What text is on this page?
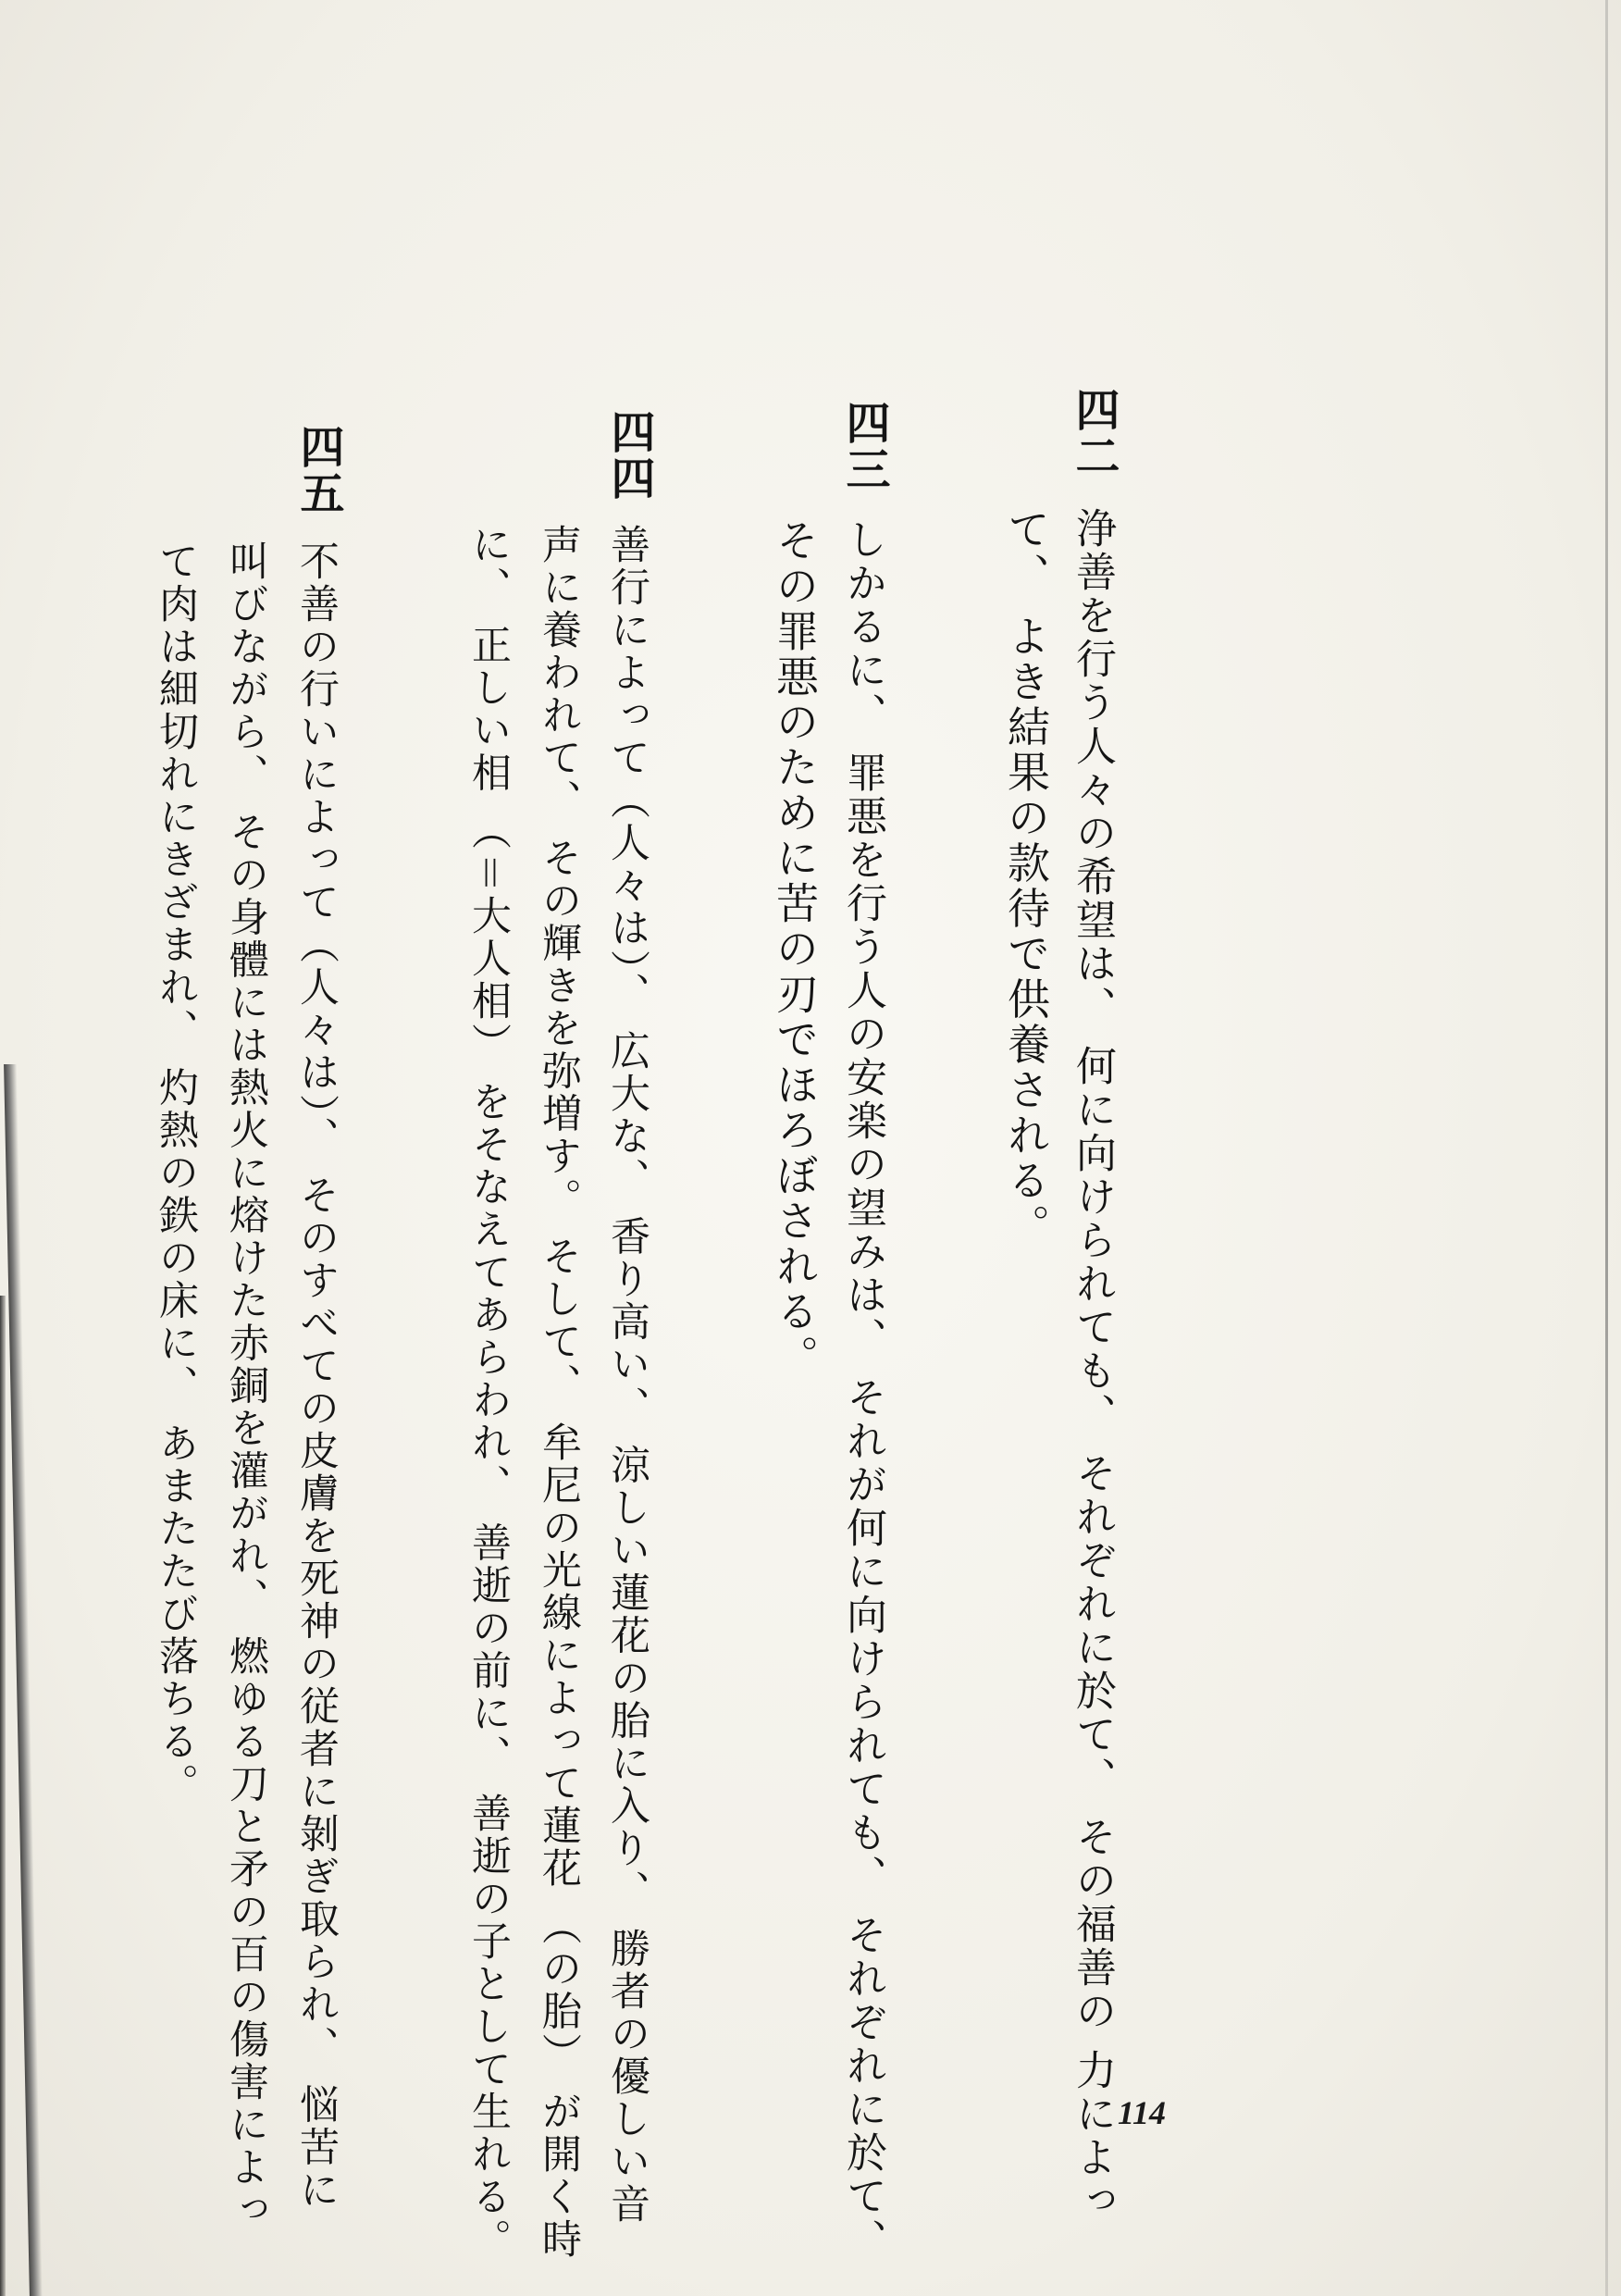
四二
浄善を行う人々の希望は、 何に向けられても、 それぞれに於て、 その福善の 力によっ
て、 よき結果の款待で供養される。
四三
しかるに、 罪悪を行う人の安楽の望みは、 それが何に向けられても、 それぞれに於て、
その罪悪のために苦の刃でほろぼされる。
四四
善行によって（人々は）、 広大な、 香り高い、 涼しい蓮花の胎に入り、 勝者の優しい音
声に養われて、 その輝きを弥増す。 そして、 牟尼の光線によって蓮花 （の胎） が開く時
に、 正しい相 （＝大人相） をそなえてあらわれ、 善逝の前に、 善逝の子として生れる。
四五
不善の行いによって（人々は）、 そのすべての皮膚を死神の従者に剝ぎ取られ、 悩苦に
叫びながら、 その身體には熱火に熔けた赤銅を灌がれ、 燃ゆる刀と矛の百の傷害によっ
て肉は細切れにきざまれ、 灼熱の鉄の床に、 あまたたび落ちる。
114
